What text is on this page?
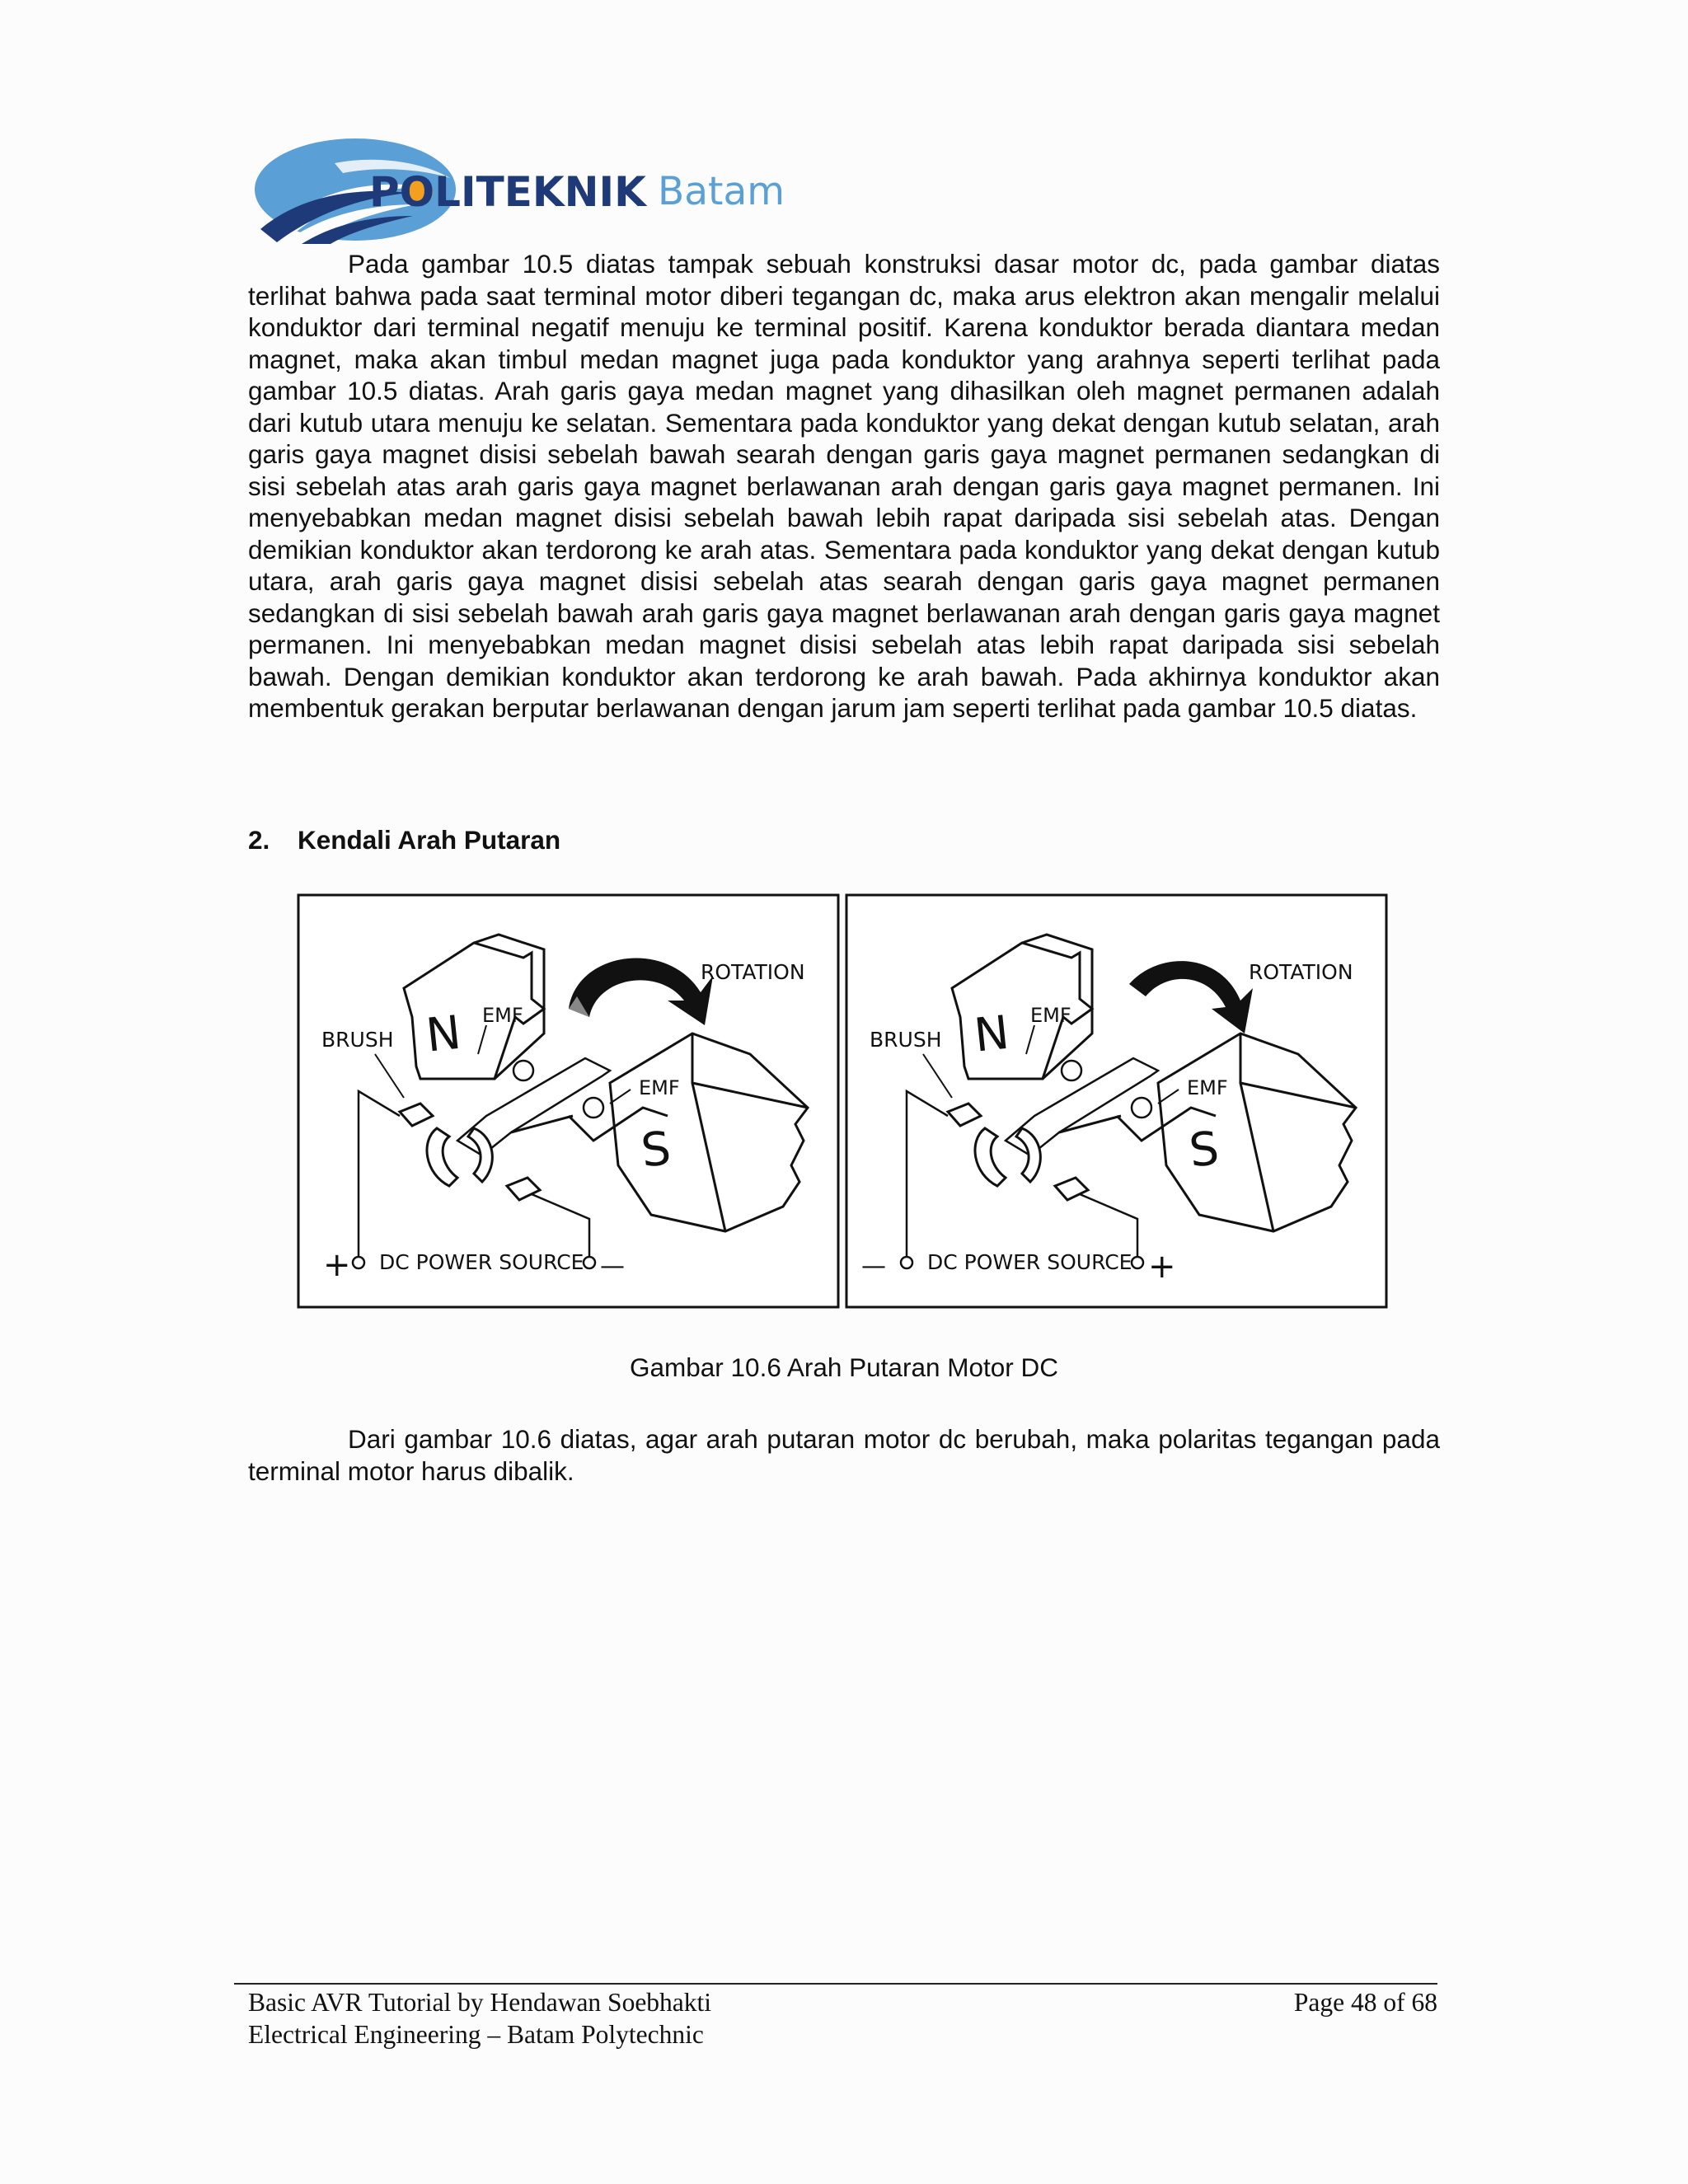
POLITEKNIK Batam

Pada gambar 10.5 diatas tampak sebuah konstruksi dasar motor dc, pada gambar diatas terlihat bahwa pada saat terminal motor diberi tegangan dc, maka arus elektron akan mengalir melalui konduktor dari terminal negatif menuju ke terminal positif. Karena konduktor berada diantara medan magnet, maka akan timbul medan magnet juga pada konduktor yang arahnya seperti terlihat pada gambar 10.5 diatas. Arah garis gaya medan magnet yang dihasilkan oleh magnet permanen adalah dari kutub utara menuju ke selatan. Sementara pada konduktor yang dekat dengan kutub selatan, arah garis gaya magnet disisi sebelah bawah searah dengan garis gaya magnet permanen sedangkan di sisi sebelah atas arah garis gaya magnet berlawanan arah dengan garis gaya magnet permanen. Ini menyebabkan medan magnet disisi sebelah bawah lebih rapat daripada sisi sebelah atas. Dengan demikian konduktor akan terdorong ke arah atas. Sementara pada konduktor yang dekat dengan kutub utara, arah garis gaya magnet disisi sebelah atas searah dengan garis gaya magnet permanen sedangkan di sisi sebelah bawah arah garis gaya magnet berlawanan arah dengan garis gaya magnet permanen. Ini menyebabkan medan magnet disisi sebelah atas lebih rapat daripada sisi sebelah bawah. Dengan demikian konduktor akan terdorong ke arah bawah. Pada akhirnya konduktor akan membentuk gerakan berputar berlawanan dengan jarum jam seperti terlihat pada gambar 10.5 diatas.

2. Kendali Arah Putaran

ROTATION
BRUSH
EMF
EMF
N
S
DC POWER SOURCE
+	—
ROTATION
BRUSH
EMF
EMF
N
S
DC POWER SOURCE
—	+

Gambar 10.6 Arah Putaran Motor DC

Dari gambar 10.6 diatas, agar arah putaran motor dc berubah, maka polaritas tegangan pada terminal motor harus dibalik.

Basic AVR Tutorial by Hendawan Soebhakti
Electrical Engineering – Batam Polytechnic
Page 48 of 68
